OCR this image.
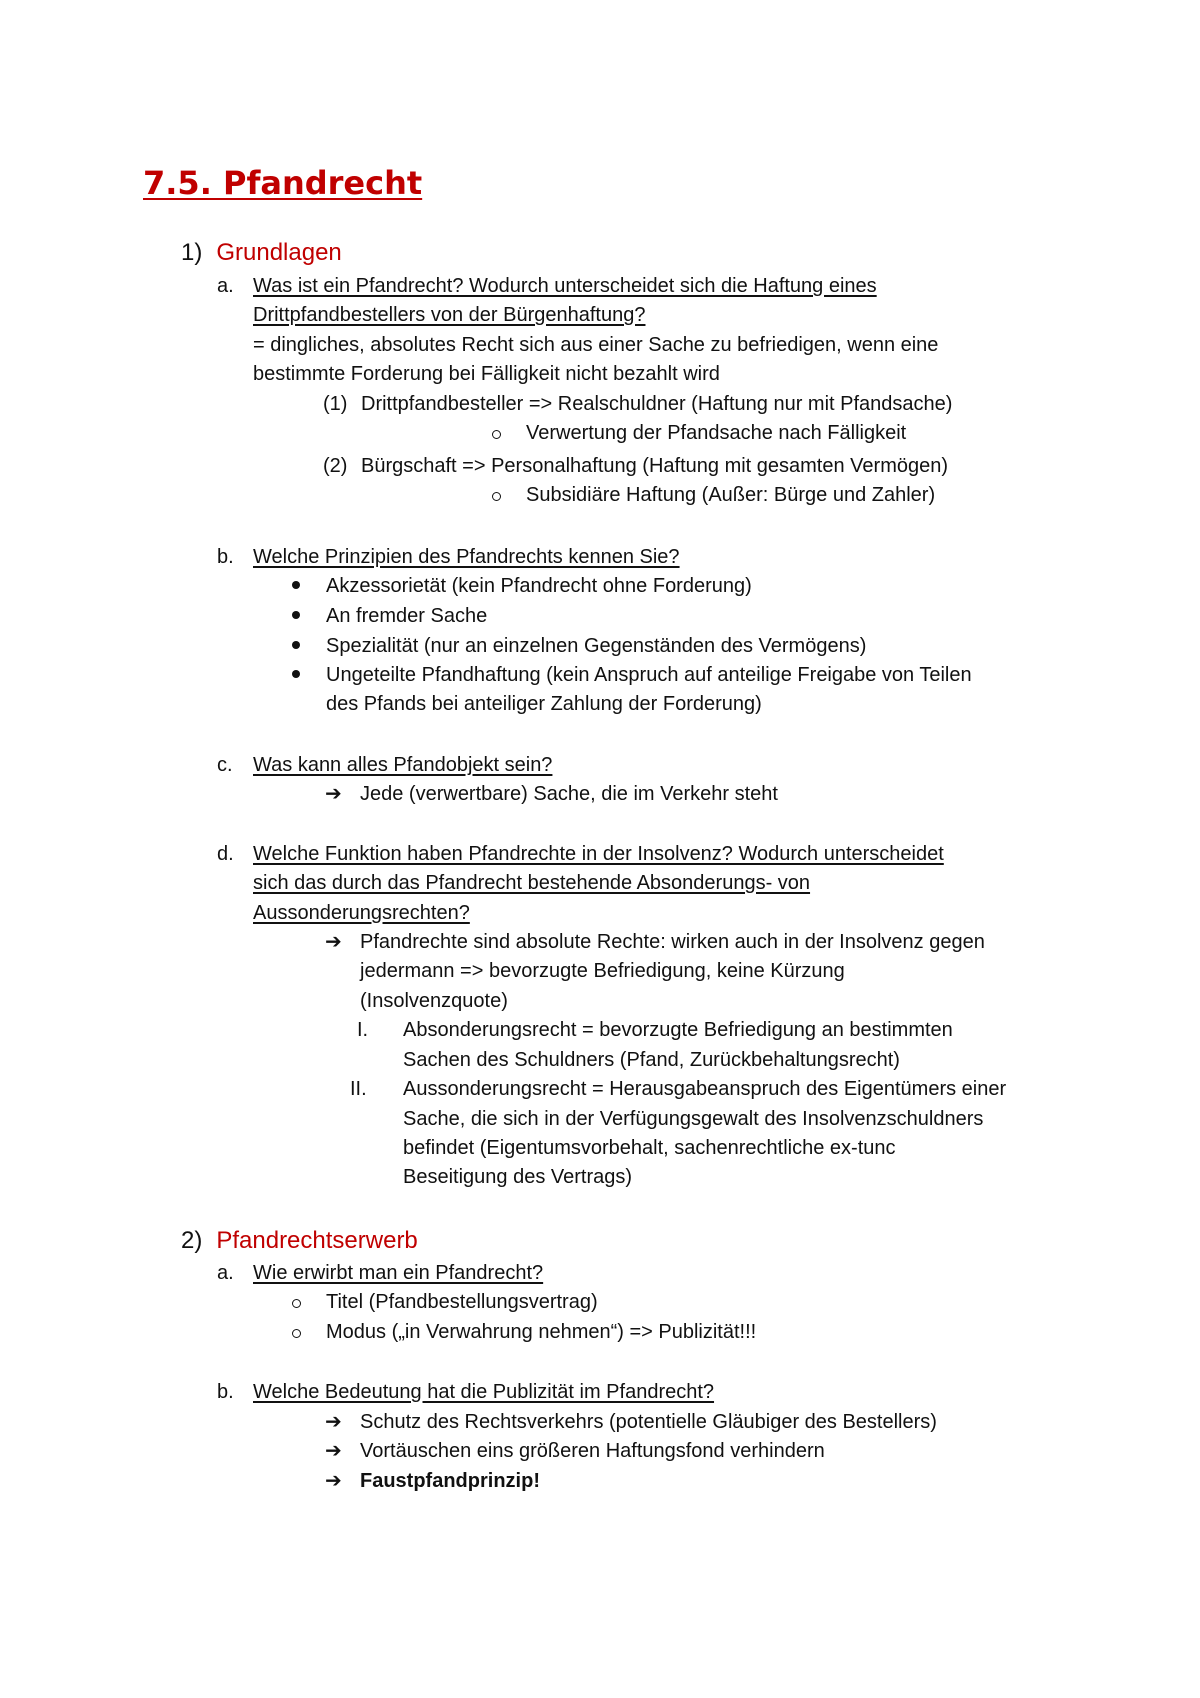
7.5. Pfandrecht
1) Grundlagen
a. Was ist ein Pfandrecht? Wodurch unterscheidet sich die Haftung eines
Drittpfandbestellers von der Bürgenhaftung?
= dingliches, absolutes Recht sich aus einer Sache zu befriedigen, wenn eine
bestimmte Forderung bei Fälligkeit nicht bezahlt wird
(1) Drittpfandbesteller => Realschuldner (Haftung nur mit Pfandsache)
Verwertung der Pfandsache nach Fälligkeit
(2) Bürgschaft => Personalhaftung (Haftung mit gesamten Vermögen)
Subsidiäre Haftung (Außer: Bürge und Zahler)
b. Welche Prinzipien des Pfandrechts kennen Sie?
Akzessorietät (kein Pfandrecht ohne Forderung)
An fremder Sache
Spezialität (nur an einzelnen Gegenständen des Vermögens)
Ungeteilte Pfandhaftung (kein Anspruch auf anteilige Freigabe von Teilen
des Pfands bei anteiliger Zahlung der Forderung)
c. Was kann alles Pfandobjekt sein?
➔ Jede (verwertbare) Sache, die im Verkehr steht
d. Welche Funktion haben Pfandrechte in der Insolvenz? Wodurch unterscheidet
sich das durch das Pfandrecht bestehende Absonderungs- von
Aussonderungsrechten?
➔ Pfandrechte sind absolute Rechte: wirken auch in der Insolvenz gegen
jedermann => bevorzugte Befriedigung, keine Kürzung
(Insolvenzquote)
I. Absonderungsrecht = bevorzugte Befriedigung an bestimmten
Sachen des Schuldners (Pfand, Zurückbehaltungsrecht)
II. Aussonderungsrecht = Herausgabeanspruch des Eigentümers einer
Sache, die sich in der Verfügungsgewalt des Insolvenzschuldners
befindet (Eigentumsvorbehalt, sachenrechtliche ex-tunc
Beseitigung des Vertrags)
2) Pfandrechtserwerb
a. Wie erwirbt man ein Pfandrecht?
Titel (Pfandbestellungsvertrag)
Modus („in Verwahrung nehmen“) => Publizität!!!
b. Welche Bedeutung hat die Publizität im Pfandrecht?
➔ Schutz des Rechtsverkehrs (potentielle Gläubiger des Bestellers)
➔ Vortäuschen eins größeren Haftungsfond verhindern
➔ Faustpfandprinzip!
